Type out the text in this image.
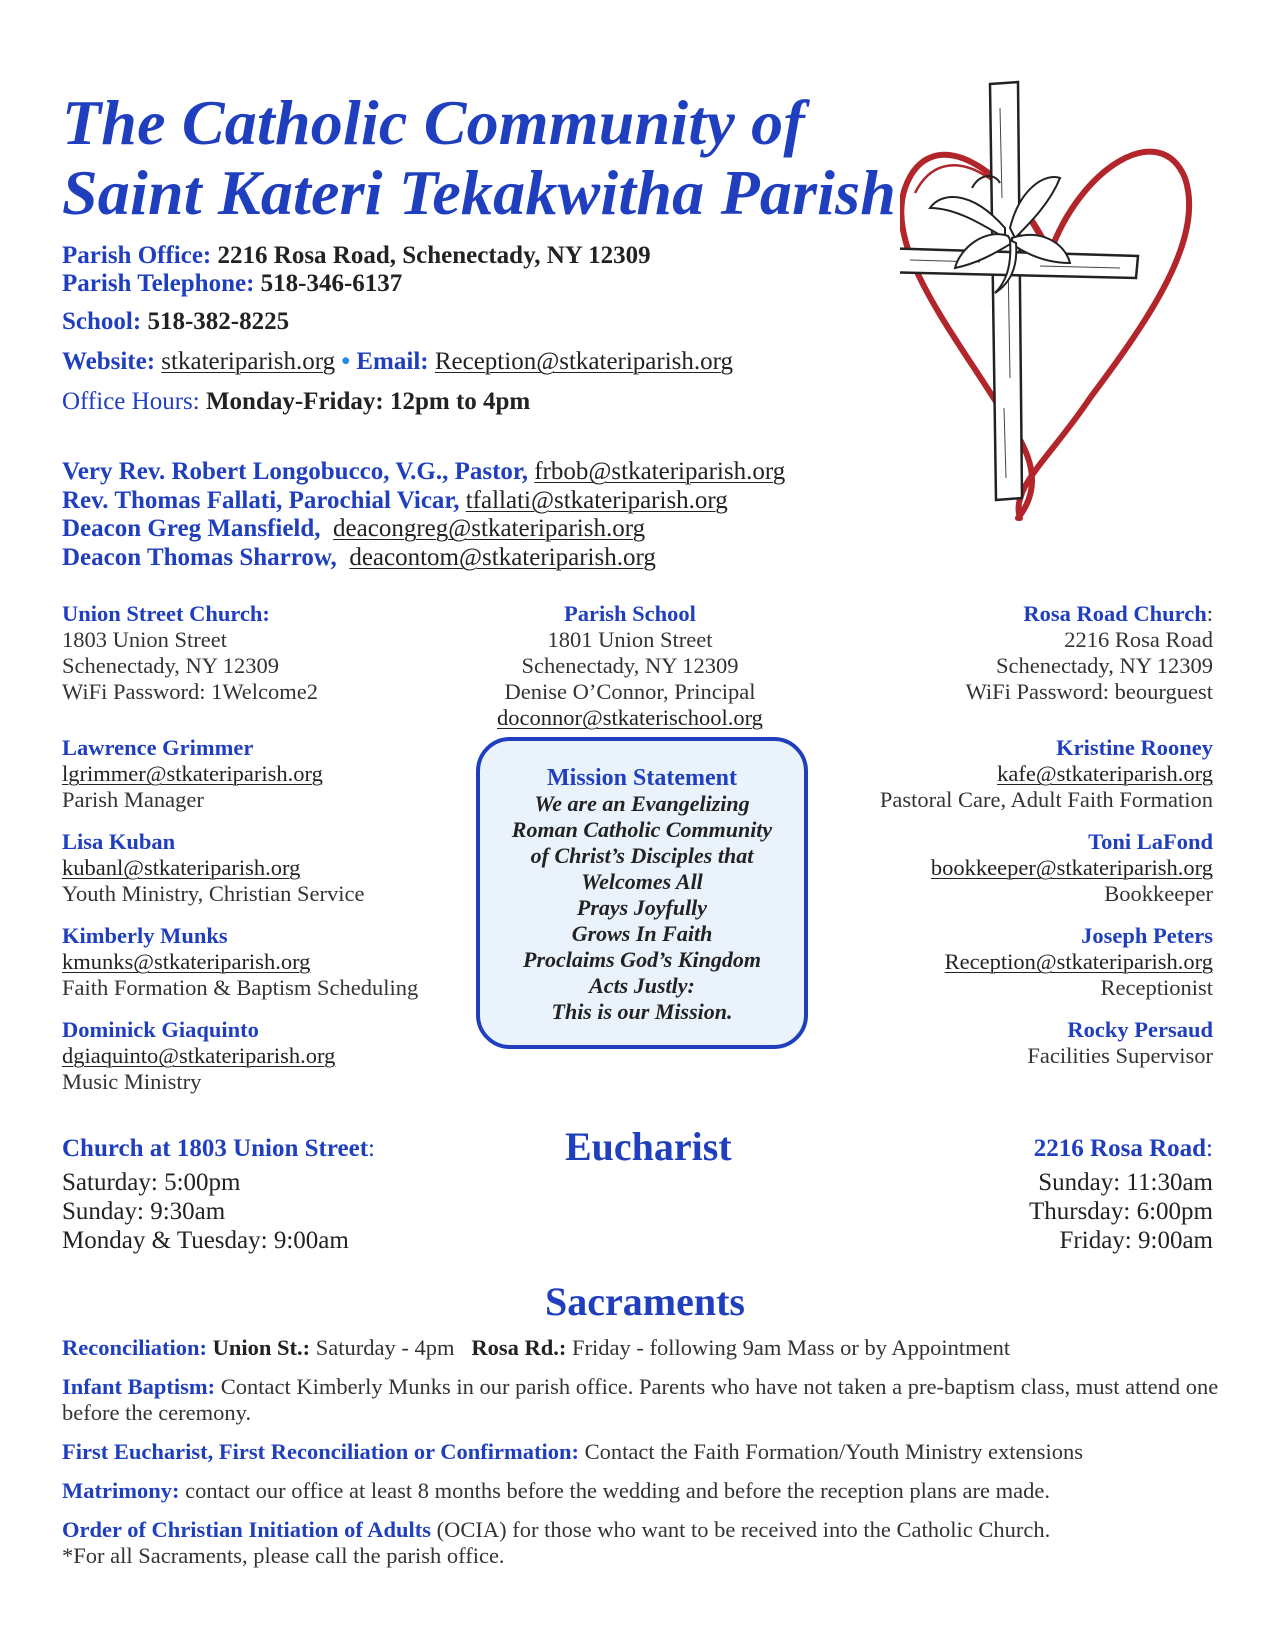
The Catholic Community of
Saint Kateri Tekakwitha Parish
Parish Office: 2216 Rosa Road, Schenectady, NY 12309
Parish Telephone: 518-346-6137
School: 518-382-8225
Website: stkateriparish.org • Email: Reception@stkateriparish.org
Office Hours: Monday-Friday: 12pm to 4pm
Very Rev. Robert Longobucco, V.G., Pastor, frbob@stkateriparish.org
Rev. Thomas Fallati, Parochial Vicar, tfallati@stkateriparish.org
Deacon Greg Mansfield, deacongreg@stkateriparish.org
Deacon Thomas Sharrow, deacontom@stkateriparish.org
Union Street Church:
1803 Union Street
Schenectady, NY 12309
WiFi Password: 1Welcome2
Parish School
1801 Union Street
Schenectady, NY 12309
Denise O’Connor, Principal
doconnor@stkaterischool.org
Rosa Road Church:
2216 Rosa Road
Schenectady, NY 12309
WiFi Password: beourguest
Lawrence Grimmer
lgrimmer@stkateriparish.org
Parish Manager
Lisa Kuban
kubanl@stkateriparish.org
Youth Ministry, Christian Service
Kimberly Munks
kmunks@stkateriparish.org
Faith Formation & Baptism Scheduling
Dominick Giaquinto
dgiaquinto@stkateriparish.org
Music Ministry
Kristine Rooney
kafe@stkateriparish.org
Pastoral Care, Adult Faith Formation
Toni LaFond
bookkeeper@stkateriparish.org
Bookkeeper
Joseph Peters
Reception@stkateriparish.org
Receptionist
Rocky Persaud
Facilities Supervisor
Mission Statement
We are an Evangelizing
Roman Catholic Community
of Christ’s Disciples that
Welcomes All
Prays Joyfully
Grows In Faith
Proclaims God’s Kingdom
Acts Justly:
This is our Mission.
Eucharist
Church at 1803 Union Street:
Saturday: 5:00pm
Sunday: 9:30am
Monday & Tuesday: 9:00am
2216 Rosa Road:
Sunday: 11:30am
Thursday: 6:00pm
Friday: 9:00am
Sacraments
Reconciliation: Union St.: Saturday - 4pm Rosa Rd.: Friday - following 9am Mass or by Appointment
Infant Baptism: Contact Kimberly Munks in our parish office. Parents who have not taken a pre-baptism class, must attend one before the ceremony.
First Eucharist, First Reconciliation or Confirmation: Contact the Faith Formation/Youth Ministry extensions
Matrimony: contact our office at least 8 months before the wedding and before the reception plans are made.
Order of Christian Initiation of Adults (OCIA) for those who want to be received into the Catholic Church.
*For all Sacraments, please call the parish office.
